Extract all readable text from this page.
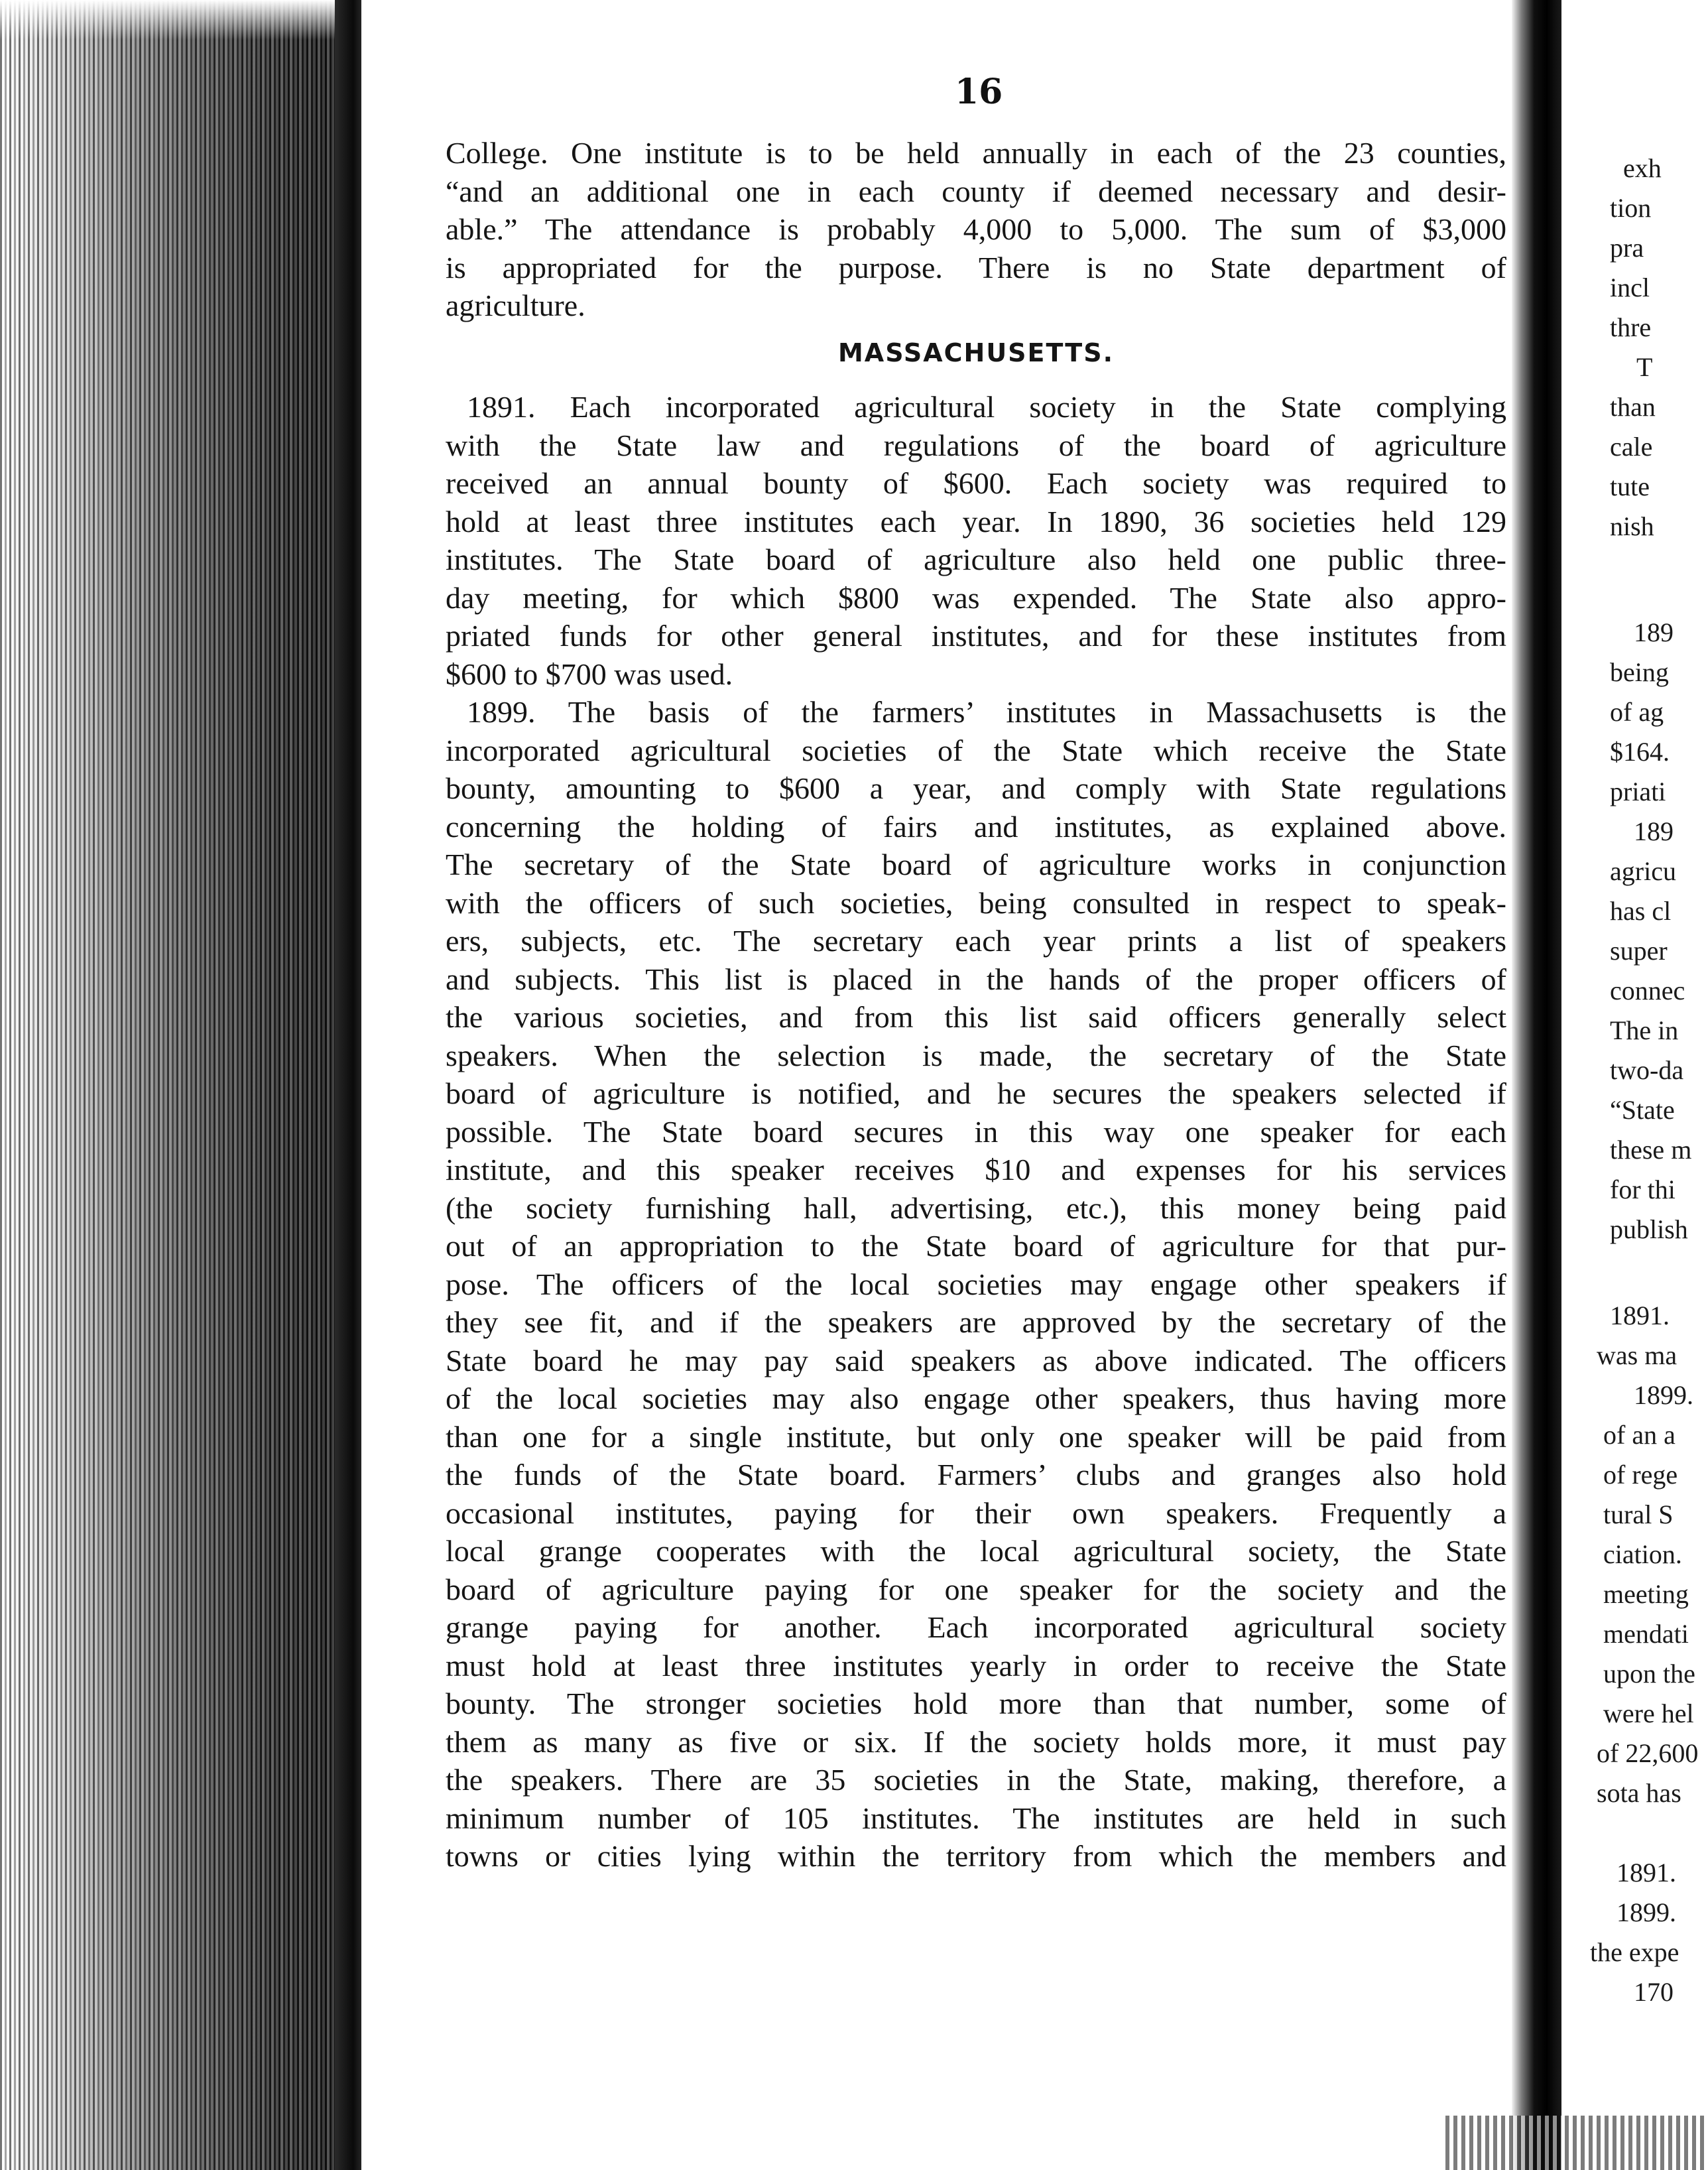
16
College. One institute is to be held annually in each of the 23 counties,
“and an additional one in each county if deemed necessary and desir-
able.” The attendance is probably 4,000 to 5,000. The sum of $3,000
is appropriated for the purpose. There is no State department of
agriculture.
MASSACHUSETTS.
1891. Each incorporated agricultural society in the State complying
with the State law and regulations of the board of agriculture
received an annual bounty of $600. Each society was required to
hold at least three institutes each year. In 1890, 36 societies held 129
institutes. The State board of agriculture also held one public three-
day meeting, for which $800 was expended. The State also appro-
priated funds for other general institutes, and for these institutes from
$600 to $700 was used.
1899. The basis of the farmers’ institutes in Massachusetts is the
incorporated agricultural societies of the State which receive the State
bounty, amounting to $600 a year, and comply with State regulations
concerning the holding of fairs and institutes, as explained above.
The secretary of the State board of agriculture works in conjunction
with the officers of such societies, being consulted in respect to speak-
ers, subjects, etc. The secretary each year prints a list of speakers
and subjects. This list is placed in the hands of the proper officers of
the various societies, and from this list said officers generally select
speakers. When the selection is made, the secretary of the State
board of agriculture is notified, and he secures the speakers selected if
possible. The State board secures in this way one speaker for each
institute, and this speaker receives $10 and expenses for his services
(the society furnishing hall, advertising, etc.), this money being paid
out of an appropriation to the State board of agriculture for that pur-
pose. The officers of the local societies may engage other speakers if
they see fit, and if the speakers are approved by the secretary of the
State board he may pay said speakers as above indicated. The officers
of the local societies may also engage other speakers, thus having more
than one for a single institute, but only one speaker will be paid from
the funds of the State board. Farmers’ clubs and granges also hold
occasional institutes, paying for their own speakers. Frequently a
local grange cooperates with the local agricultural society, the State
board of agriculture paying for one speaker for the society and the
grange paying for another. Each incorporated agricultural society
must hold at least three institutes yearly in order to receive the State
bounty. The stronger societies hold more than that number, some of
them as many as five or six. If the society holds more, it must pay
the speakers. There are 35 societies in the State, making, therefore, a
minimum number of 105 institutes. The institutes are held in such
towns or cities lying within the territory from which the members and
exh
tion
pra
incl
thre
T
than
cale
tute
nish
189
being
of ag
$164.
priati
189
agricu
has cl
super
connec
The in
two-da
“State
these m
for thi
publish
1891.
was ma
1899.
of an a
of rege
tural S
ciation.
meeting
mendati
upon the
were hel
of 22,600
sota has
1891.
1899.
the expe
170
